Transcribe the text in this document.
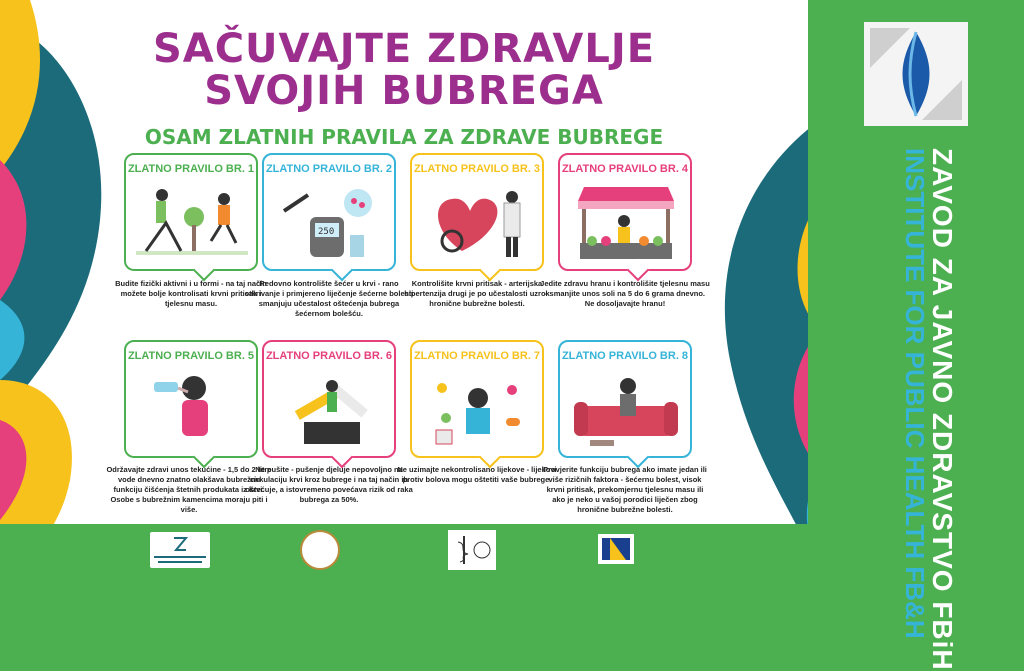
SAČUVAJTE ZDRAVLJE
SVOJIH BUBREGA
OSAM ZLATNIH PRAVILA ZA ZDRAVE BUBREGE
ZLATNO PRAVILO BR. 1 ZLATNO PRAVILO BR. 2
250
ZLATNO PRAVILO BR. 3 ZLATNO PRAVILO BR. 4
Budite fizički aktivni i u formi - na taj način možete bolje kontrolisati krvni pritisak i tjelesnu masu.
Redovno kontrolište šećer u krvi - rano otkrivanje i primjereno liječenje šećerne bolesti smanjuju učestalost oštećenja bubrega šećernom bolešću.
Kontrolišite krvni pritisak - arterijska hipertenzija drugi je po učestalosti uzrok hronične bubrežne bolesti.
Jedite zdravu hranu i kontrolišite tjelesnu masu - smanjite unos soli na 5 do 6 grama dnevno. Ne dosoljavajte hranu!
ZLATNO PRAVILO BR. 5 ZLATNO PRAVILO BR. 6 ZLATNO PRAVILO BR. 7 ZLATNO PRAVILO BR. 8
Održavajte zdravi unos tekućine - 1,5 do 2 litre vode dnevno znatno olakšava bubrežnu funkciju čišćenja štetnih produkata iz krvi. Osobe s bubrežnim kamencima moraju piti i više.
Ne pušite - pušenje djeluje nepovoljno na cirkulaciju krvi kroz bubrege i na taj način ih oštećuje, a istovremeno povećava rizik od raka bubrega za 50%.
Ne uzimajte nekontrolisano lijekove - lijekovi protiv bolova mogu oštetiti vaše bubrege.
Provjerite funkciju bubrega ako imate jedan ili više rizičnih faktora - šećernu bolest, visok krvni pritisak, prekomjernu tjelesnu masu ili ako je neko u vašoj porodici liječen zbog hronične bubrežne bolesti.	ZAVOD ZA JAVNO ZDRAVSTVO FBiH
INSTITUTE FOR PUBLIC HEALTH FB&H
